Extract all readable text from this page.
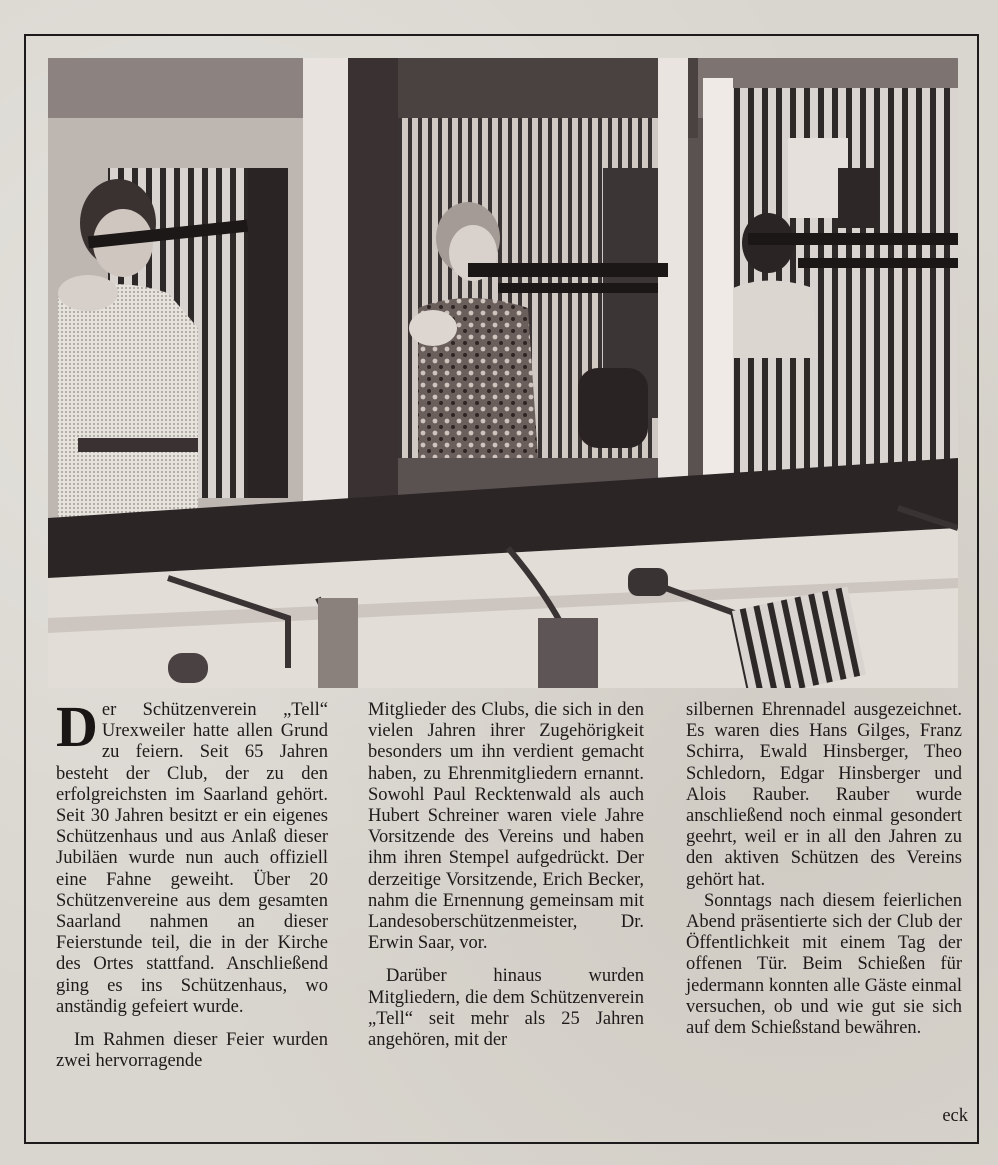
Der Schützenverein „Tell“ Urexweiler hatte allen Grund zu feiern. Seit 65 Jahren besteht der Club, der zu den erfolgreichsten im Saarland gehört. Seit 30 Jahren besitzt er ein eigenes Schützenhaus und aus Anlaß dieser Jubiläen wurde nun auch offiziell eine Fahne geweiht. Über 20 Schützenvereine aus dem gesamten Saarland nahmen an dieser Feierstunde teil, die in der Kirche des Ortes stattfand. Anschließend ging es ins Schützenhaus, wo anständig gefeiert wurde.

Im Rahmen dieser Feier wurden zwei hervorragende

Mitglieder des Clubs, die sich in den vielen Jahren ihrer Zugehörigkeit besonders um ihn verdient gemacht haben, zu Ehrenmitgliedern ernannt. Sowohl Paul Recktenwald als auch Hubert Schreiner waren viele Jahre Vorsitzende des Vereins und haben ihm ihren Stempel aufgedrückt. Der derzeitige Vorsitzende, Erich Becker, nahm die Ernennung gemeinsam mit Landesoberschützenmeister, Dr. Erwin Saar, vor.

Darüber hinaus wurden Mitgliedern, die dem Schützenverein „Tell“ seit mehr als 25 Jahren angehören, mit der

silbernen Ehrennadel ausgezeichnet. Es waren dies Hans Gilges, Franz Schirra, Ewald Hinsberger, Theo Schledorn, Edgar Hinsberger und Alois Rauber. Rauber wurde anschließend noch einmal gesondert geehrt, weil er in all den Jahren zu den aktiven Schützen des Vereins gehört hat.

Sonntags nach diesem feierlichen Abend präsentierte sich der Club der Öffentlichkeit mit einem Tag der offenen Tür. Beim Schießen für jedermann konnten alle Gäste einmal versuchen, ob und wie gut sie sich auf dem Schießstand bewähren.

eck
